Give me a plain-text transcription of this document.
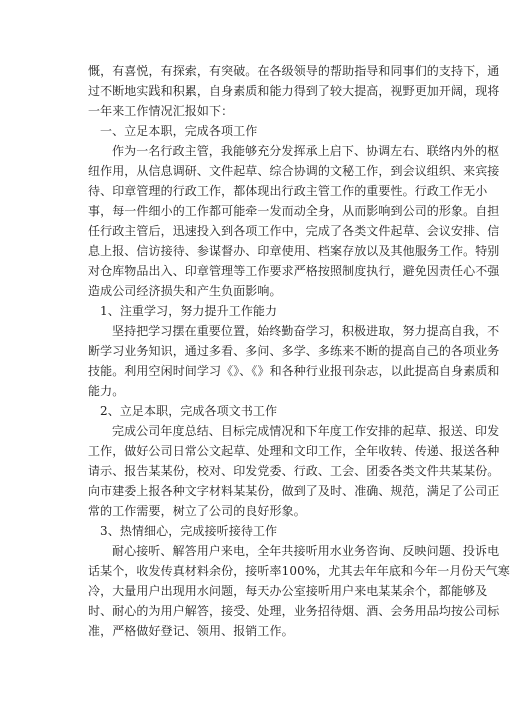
慨，有喜悦，有探索，有突破。在各级领导的帮助指导和同事们的支持下，通
过不断地实践和积累，自身素质和能力得到了较大提高，视野更加开阔，现将
一年来工作情况汇报如下：
一、立足本职，完成各项工作
作为一名行政主管，我能够充分发挥承上启下、协调左右、联络内外的枢
纽作用，从信息调研、文件起草、综合协调的文秘工作，到会议组织、来宾接
待、印章管理的行政工作，都体现出行政主管工作的重要性。行政工作无小
事，每一件细小的工作都可能牵一发而动全身，从而影响到公司的形象。自担
任行政主管后，迅速投入到各项工作中，完成了各类文件起草、会议安排、信
息上报、信访接待、参谋督办、印章使用、档案存放以及其他服务工作。特别
对仓库物品出入、印章管理等工作要求严格按照制度执行，避免因责任心不强
造成公司经济损失和产生负面影响。
1、注重学习，努力提升工作能力
坚持把学习摆在重要位置，始终勤奋学习，积极进取，努力提高自我，不
断学习业务知识，通过多看、多问、多学、多练来不断的提高自己的各项业务
技能。利用空闲时间学习《》、《》和各种行业报刊杂志，以此提高自身素质和
能力。
2、立足本职，完成各项文书工作
完成公司年度总结、目标完成情况和下年度工作安排的起草、报送、印发
工作，做好公司日常公文起草、处理和文印工作，全年收转、传递、报送各种
请示、报告某某份，校对、印发党委、行政、工会、团委各类文件共某某份。
向市建委上报各种文字材料某某份，做到了及时、准确、规范，满足了公司正
常的工作需要，树立了公司的良好形象。
3、热情细心，完成接听接待工作
耐心接听、解答用户来电，全年共接听用水业务咨询、反映问题、投诉电
话某个，收发传真材料余份，接听率100%，尤其去年年底和今年一月份天气寒
冷，大量用户出现用水问题，每天办公室接听用户来电某某余个，都能够及
时、耐心的为用户解答，接受、处理，业务招待烟、酒、会务用品均按公司标
准，严格做好登记、领用、报销工作。
